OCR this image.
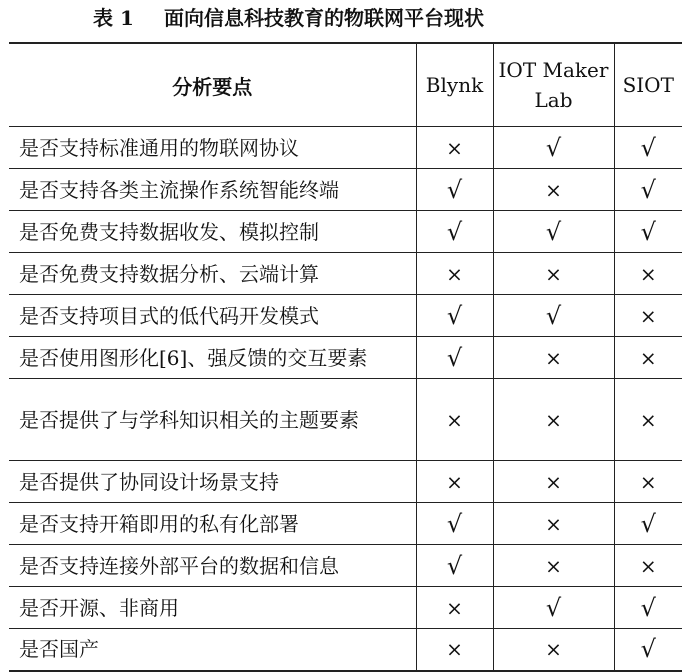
表 1 面向信息科技教育的物联网平台现状
分析要点	Blynk	IOT Maker Lab	SIOT
是否支持标准通用的物联网协议	×	√	√
是否支持各类主流操作系统智能终端	√	×	√
是否免费支持数据收发、模拟控制	√	√	√
是否免费支持数据分析、云端计算	×	×	×
是否支持项目式的低代码开发模式	√	√	×
是否使用图形化[6]、强反馈的交互要素	√	×	×
是否提供了与学科知识相关的主题要素	×	×	×
是否提供了协同设计场景支持	×	×	×
是否支持开箱即用的私有化部署	√	×	√
是否支持连接外部平台的数据和信息	√	×	×
是否开源、非商用	×	√	√
是否国产	×	×	√
